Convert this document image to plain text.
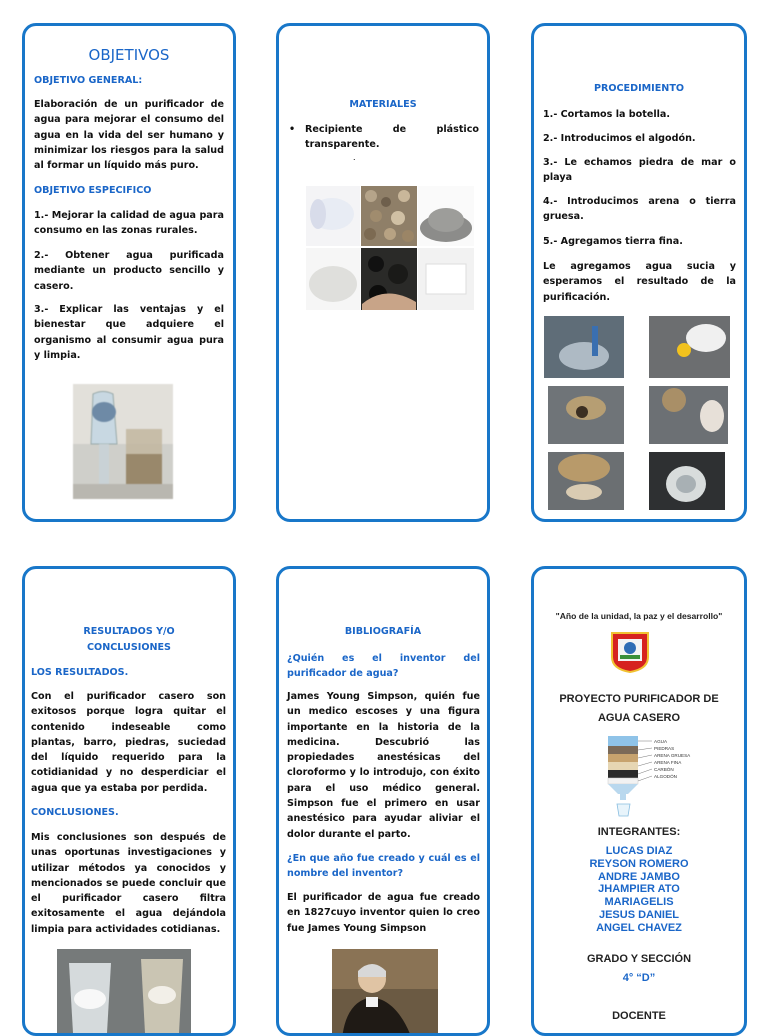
OBJETIVOS
OBJETIVO GENERAL:
Elaboración de un purificador de agua para mejorar el consumo del agua en la vida del ser humano y minimizar los riesgos para la salud al formar un líquido más puro.
OBJETIVO ESPECIFICO
1.- Mejorar la calidad de agua para consumo en las zonas rurales.
2.- Obtener agua purificada mediante un producto sencillo y casero.
3.- Explicar las ventajas y el bienestar que adquiere el organismo al consumir agua pura y limpia.
MATERIALES
• Recipiente de plástico transparente.
.
PROCEDIMIENTO
1.- Cortamos la botella.
2.- Introducimos el algodón.
3.- Le echamos piedra de mar o playa
4.- Introducimos arena o tierra gruesa.
5.- Agregamos tierra fina.
Le agregamos agua sucia y esperamos el resultado de la purificación.
RESULTADOS Y/O
CONCLUSIONES
LOS RESULTADOS.
Con el purificador casero son exitosos porque logra quitar el contenido indeseable como plantas, barro, piedras, suciedad del líquido requerido para la cotidianidad y no desperdiciar el agua que ya estaba por perdida.
CONCLUSIONES.
Mis conclusiones son después de unas oportunas investigaciones y utilizar métodos ya conocidos y mencionados se puede concluir que el purificador casero filtra exitosamente el agua dejándola limpia para actividades cotidianas.
BIBLIOGRAFÍA
¿Quién es el inventor del purificador de agua?
James Young Simpson, quién fue un medico escoses y una figura importante en la historia de la medicina. Descubrió las propiedades anestésicas del cloroformo y lo introdujo, con éxito para el uso médico general. Simpson fue el primero en usar anestésico para ayudar aliviar el dolor durante el parto.
¿En que año fue creado y cuál es el nombre del inventor?
El purificador de agua fue creado en 1827cuyo inventor quien lo creo fue James Young Simpson
"Año de la unidad, la paz y el desarrollo"
PROYECTO PURIFICADOR DE
AGUA CASERO
AGUA
PIEDRAS
ARENA GRUESA
ARENA FINA
CARBÓN
ALGODÓN
INTEGRANTES:
LUCAS DIAZ
REYSON ROMERO
ANDRE JAMBO
JHAMPIER ATO
MARIAGELIS
JESUS DANIEL
ANGEL CHAVEZ
GRADO Y SECCIÓN
4° “D”
DOCENTE
